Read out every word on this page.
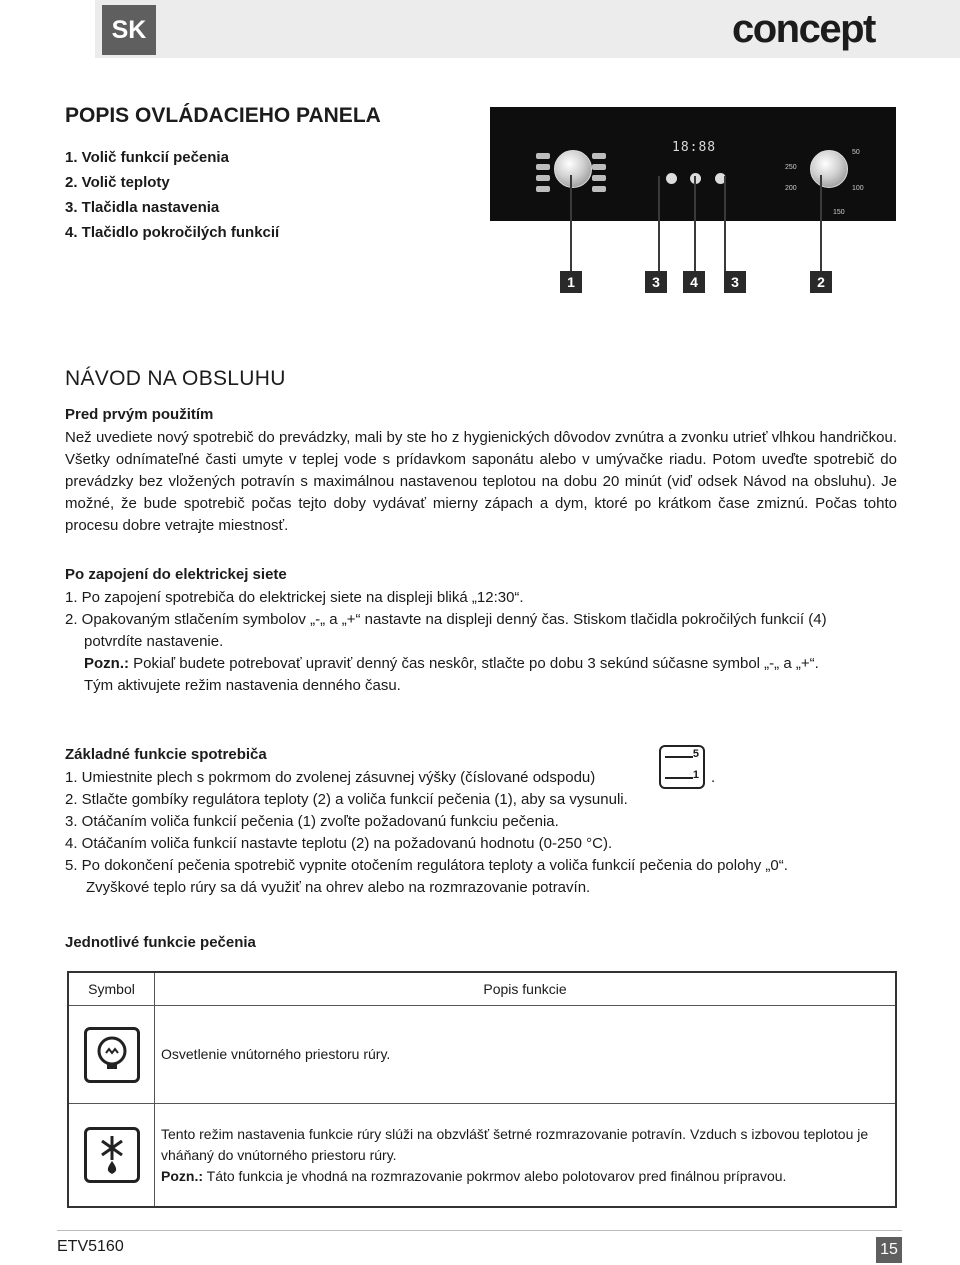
SK	concept
POPIS OVLÁDACIEHO PANELA
1. Volič funkcií pečenia
2. Volič teploty
3. Tlačidla nastavenia
4. Tlačidlo pokročilých funkcií
18:88
250
50
200	100
150
1	3	4	3	2
NÁVOD NA OBSLUHU
Pred prvým použitím

Než uvediete nový spotrebič do prevádzky, mali by ste ho z hygienických dôvodov zvnútra a zvonku utrieť vlhkou handričkou. Všetky odnímateľné časti umyte v teplej vode s prídavkom saponátu alebo v umývačke riadu. Potom uveďte spotrebič do prevádzky bez vložených potravín s maximálnou nastavenou teplotou na dobu 20 minút (viď odsek Návod na obsluhu). Je možné, že bude spotrebič počas tejto doby vydávať mierny zápach a dym, ktoré po krátkom čase zmiznú. Počas tohto procesu dobre vetrajte miestnosť.

Po zapojení do elektrickej siete
1. Po zapojení spotrebiča do elektrickej siete na displeji bliká „12:30“.
2. Opakovaným stlačením symbolov „-„ a „+“ nastavte na displeji denný čas. Stiskom tlačidla pokročilých funkcií (4)
potvrdíte nastavenie.
Pozn.: Pokiaľ budete potrebovať upraviť denný čas neskôr, stlačte po dobu 3 sekúnd súčasne symbol „-„ a „+“.
Tým aktivujete režim nastavenia denného času.
Základné funkcie spotrebiča
1. Umiestnite plech s pokrmom do zvolenej zásuvnej výšky (číslované odspodu)
5
1 .
2. Stlačte gombíky regulátora teploty (2) a voliča funkcií pečenia (1), aby sa vysunuli.
3. Otáčaním voliča funkcií pečenia (1) zvoľte požadovanú funkciu pečenia.
4. Otáčaním voliča funkcií nastavte teplotu (2) na požadovanú hodnotu (0-250 °C).
5. Po dokončení pečenia spotrebič vypnite otočením regulátora teploty a voliča funkcií pečenia do polohy „0“.
Zvyškové teplo rúry sa dá využiť na ohrev alebo na rozmrazovanie potravín.
Jednotlivé funkcie pečenia
Symbol	Popis funkcie

	Osvetlenie vnútorného priestoru rúry.

Tento režim nastavenia funkcie rúry slúži na obzvlášť šetrné rozmrazovanie potravín. Vzduch s izbovou teplotou je vháňaný do vnútorného priestoru rúry.
Pozn.: Táto funkcia je vhodná na rozmrazovanie pokrmov alebo polotovarov pred finálnou prípravou.
ETV5160	15
